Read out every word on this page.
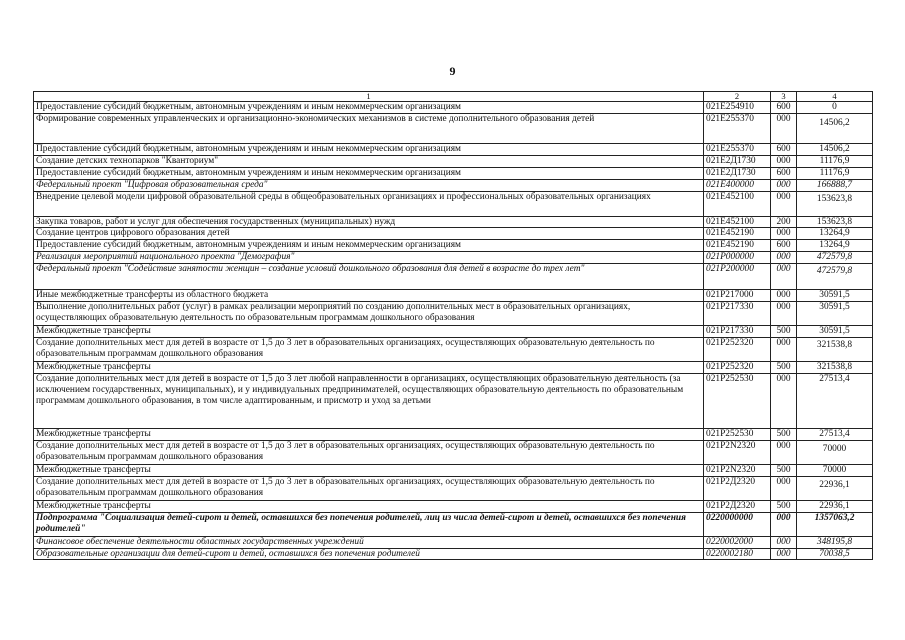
9
1	2	3	4
Предоставление субсидий бюджетным, автономным учреждениям и иным некоммерческим организациям	021E254910	600	0
Формирование современных управленческих и организационно-экономических механизмов в системе дополнительного образования детей	021E255370	000	14506,2
Предоставление субсидий бюджетным, автономным учреждениям и иным некоммерческим организациям	021E255370	600	14506,2
Создание детских технопарков "Кванториум"	021E2Д1730	000	11176,9
Предоставление субсидий бюджетным, автономным учреждениям и иным некоммерческим организациям	021E2Д1730	600	11176,9
Федеральный проект "Цифровая образовательная среда"	021E400000	000	166888,7
Внедрение целевой модели цифровой образовательной среды в общеобразовательных организациях и профессиональных образовательных организациях	021E452100	000	153623,8
Закупка товаров, работ и услуг для обеспечения государственных (муниципальных) нужд	021E452100	200	153623,8
Создание центров цифрового образования детей	021E452190	000	13264,9
Предоставление субсидий бюджетным, автономным учреждениям и иным некоммерческим организациям	021E452190	600	13264,9
Реализация мероприятий национального проекта "Демография"	021P000000	000	472579,8
Федеральный проект "Содействие занятости женщин – создание условий дошкольного образования для детей в возрасте до трех лет"	021P200000	000	472579,8
Иные межбюджетные трансферты из областного бюджета	021P217000	000	30591,5
Выполнение дополнительных работ (услуг) в рамках реализации мероприятий по созданию дополнительных мест в образовательных организациях, осуществляющих образовательную деятельность по образовательным программам дошкольного образования	021P217330	000	30591,5
Межбюджетные трансферты	021P217330	500	30591,5
Создание дополнительных мест для детей в возрасте от 1,5 до 3 лет в образовательных организациях, осуществляющих образовательную деятельность по образовательным программам дошкольного образования	021P252320	000	321538,8
Межбюджетные трансферты	021P252320	500	321538,8
Создание дополнительных мест для детей в возрасте от 1,5 до 3 лет любой направленности в организациях, осуществляющих образовательную деятельность (за исключением государственных, муниципальных), и у индивидуальных предпринимателей, осуществляющих образовательную деятельность по образовательным программам дошкольного образования, в том числе адаптированным, и присмотр и уход за детьми	021P252530	000	27513,4
Межбюджетные трансферты	021P252530	500	27513,4
Создание дополнительных мест для детей в возрасте от 1,5 до 3 лет в образовательных организациях, осуществляющих образовательную деятельность по образовательным программам дошкольного образования	021P2N2320	000	70000
Межбюджетные трансферты	021P2N2320	500	70000
Создание дополнительных мест для детей в возрасте от 1,5 до 3 лет в образовательных организациях, осуществляющих образовательную деятельность по образовательным программам дошкольного образования	021P2Д2320	000	22936,1
Межбюджетные трансферты	021P2Д2320	500	22936,1
Подпрограмма "Социализация детей-сирот и детей, оставшихся без попечения родителей, лиц из числа детей-сирот и детей, оставшихся без попечения родителей"	0220000000	000	1357063,2
Финансовое обеспечение деятельности областных государственных учреждений	0220002000	000	348195,8
Образовательные организации для детей-сирот и детей, оставшихся без попечения родителей	0220002180	000	70038,5
